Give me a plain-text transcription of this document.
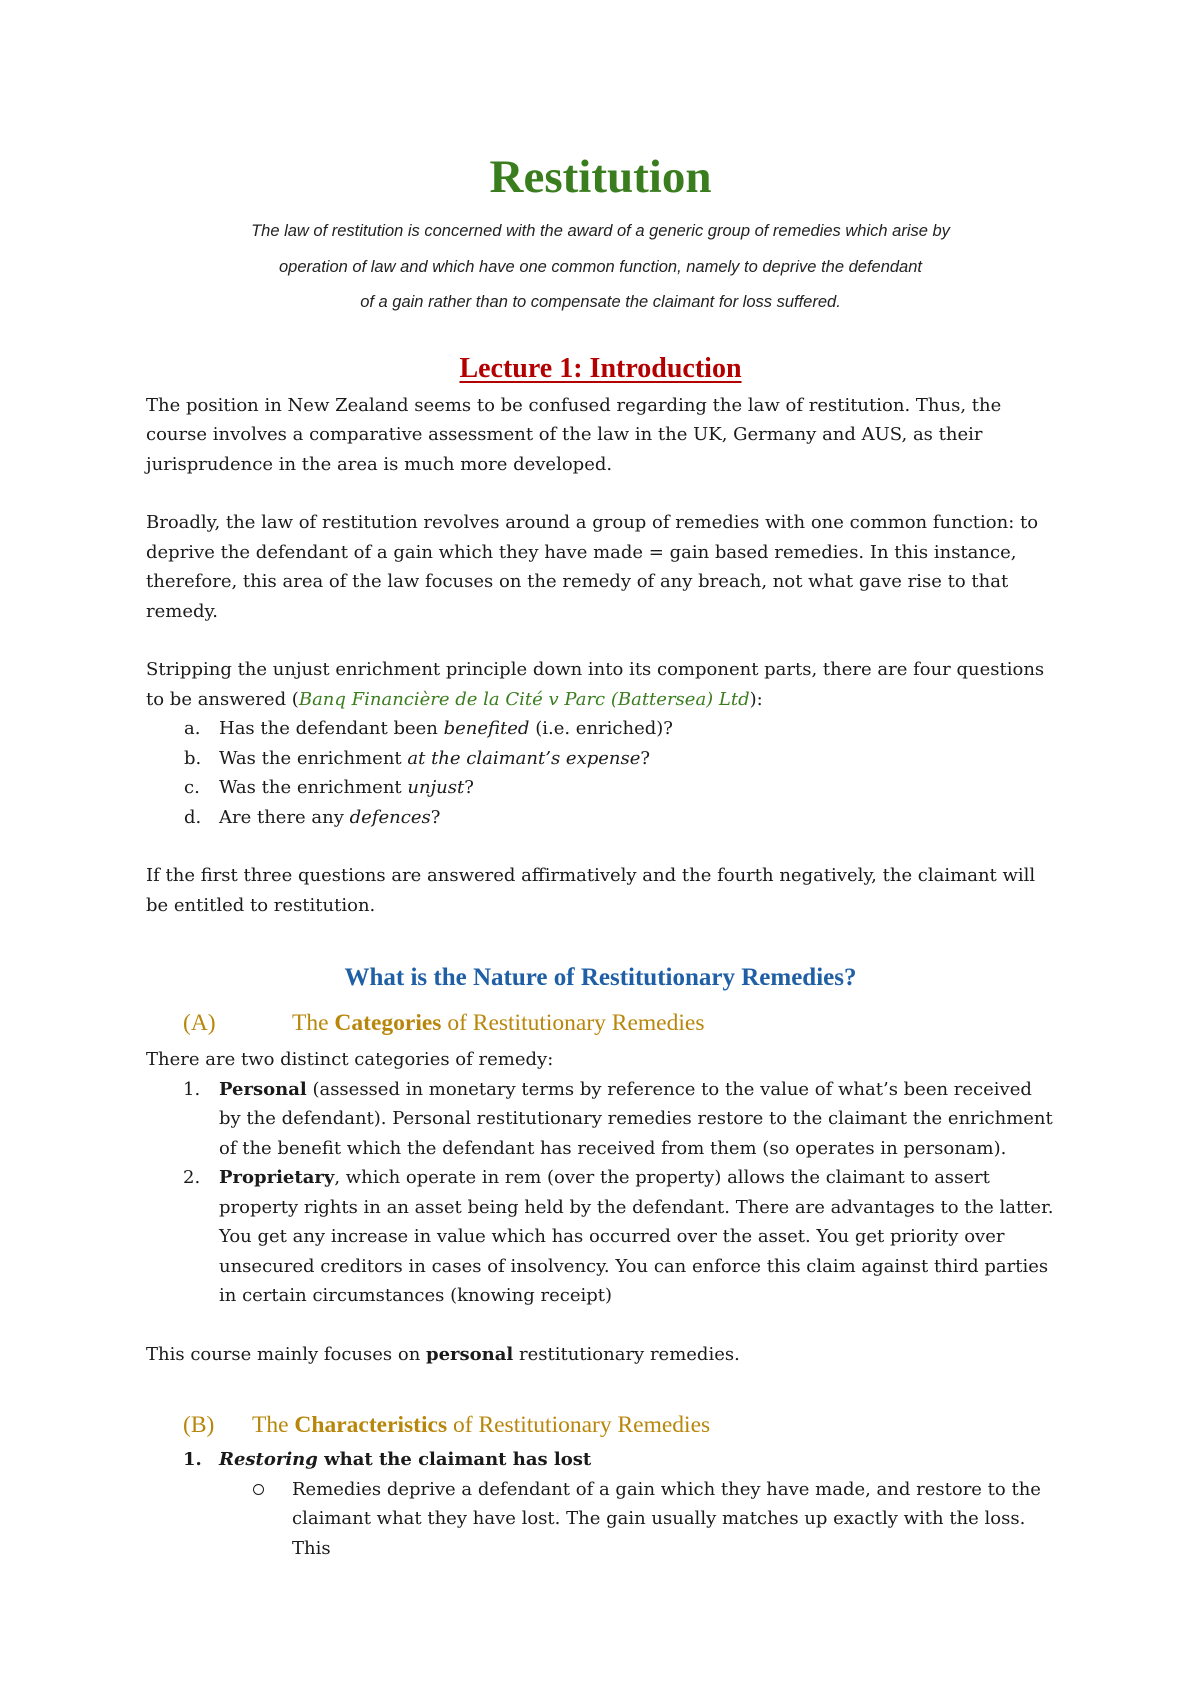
Restitution
The law of restitution is concerned with the award of a generic group of remedies which arise by
operation of law and which have one common function, namely to deprive the defendant
of a gain rather than to compensate the claimant for loss suffered.
Lecture 1: Introduction

The position in New Zealand seems to be confused regarding the law of restitution. Thus, the course involves a comparative assessment of the law in the UK, Germany and AUS, as their jurisprudence in the area is much more developed.

Broadly, the law of restitution revolves around a group of remedies with one common function: to deprive the defendant of a gain which they have made = gain based remedies. In this instance, therefore, this area of the law focuses on the remedy of any breach, not what gave rise to that remedy.

Stripping the unjust enrichment principle down into its component parts, there are four questions to be answered (Banq Financière de la Cité v Parc (Battersea) Ltd):

a. Has the defendant been benefited (i.e. enriched)?
b. Was the enrichment at the claimant’s expense?
c. Was the enrichment unjust?
d. Are there any defences?

If the first three questions are answered affirmatively and the fourth negatively, the claimant will be entitled to restitution.

What is the Nature of Restitutionary Remedies?
(A)	The Categories of Restitutionary Remedies

There are two distinct categories of remedy:

1. Personal (assessed in monetary terms by reference to the value of what’s been received by the defendant). Personal restitutionary remedies restore to the claimant the enrichment of the benefit which the defendant has received from them (so operates in personam).
2. Proprietary, which operate in rem (over the property) allows the claimant to assert property rights in an asset being held by the defendant. There are advantages to the latter. You get any increase in value which has occurred over the asset. You get priority over unsecured creditors in cases of insolvency. You can enforce this claim against third parties in certain circumstances (knowing receipt)

This course mainly focuses on personal restitutionary remedies.

(B) The Characteristics of Restitutionary Remedies
1. Restoring what the claimant has lost
Remedies deprive a defendant of a gain which they have made, and restore to the claimant what they have lost. The gain usually matches up exactly with the loss. This
